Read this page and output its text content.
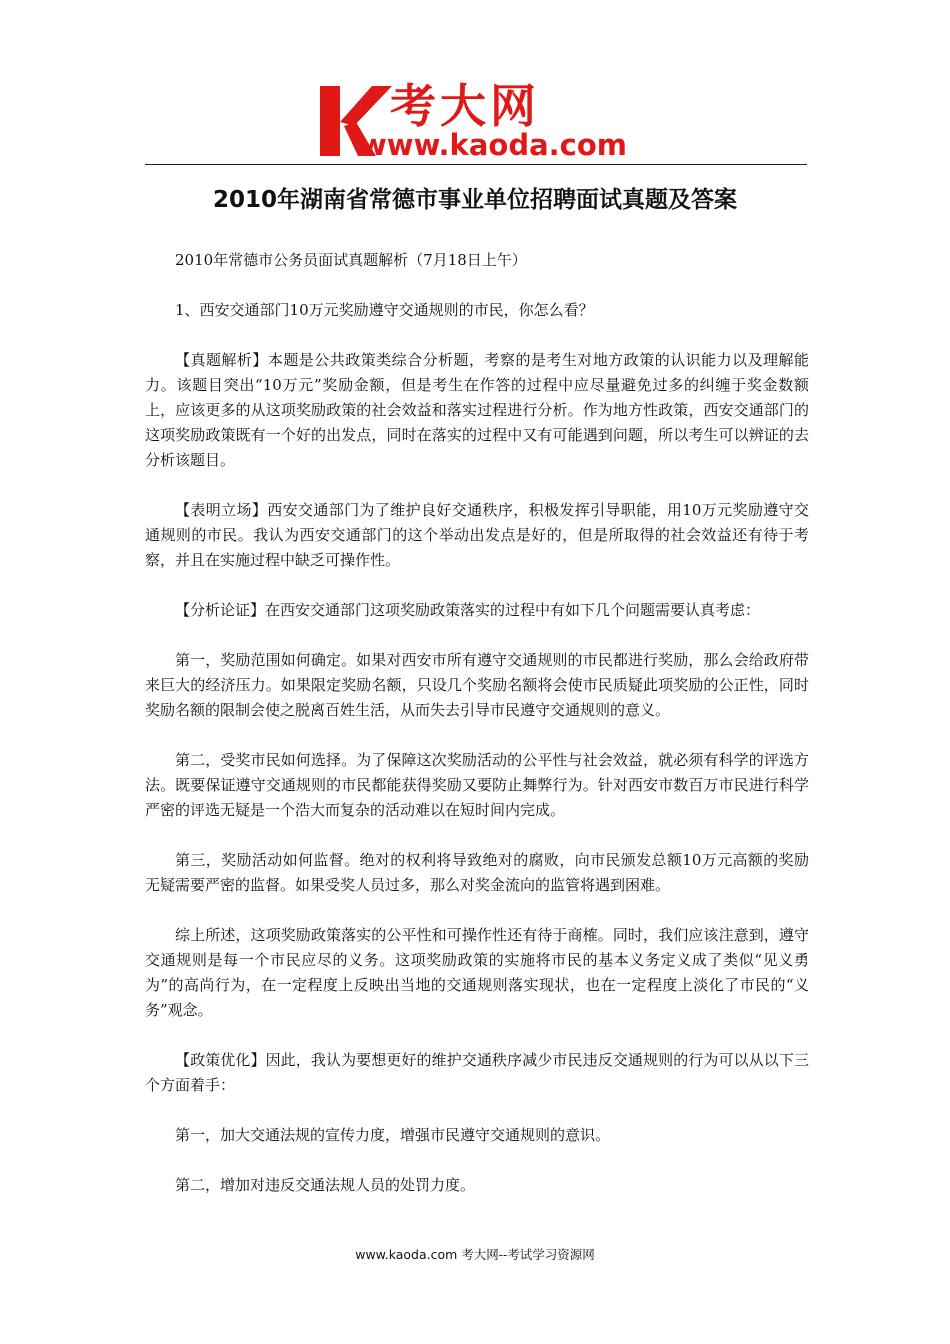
考大网
www.kaoda.com
2010年湖南省常德市事业单位招聘面试真题及答案

2010年常德市公务员面试真题解析（7月18日上午）

1、西安交通部门10万元奖励遵守交通规则的市民，你怎么看？

【真题解析】本题是公共政策类综合分析题，考察的是考生对地方政策的认识能力以及理解能力。该题目突出“10万元”奖励金额，但是考生在作答的过程中应尽量避免过多的纠缠于奖金数额上，应该更多的从这项奖励政策的社会效益和落实过程进行分析。作为地方性政策，西安交通部门的这项奖励政策既有一个好的出发点，同时在落实的过程中又有可能遇到问题，所以考生可以辨证的去分析该题目。

【表明立场】西安交通部门为了维护良好交通秩序，积极发挥引导职能，用10万元奖励遵守交通规则的市民。我认为西安交通部门的这个举动出发点是好的，但是所取得的社会效益还有待于考察，并且在实施过程中缺乏可操作性。

【分析论证】在西安交通部门这项奖励政策落实的过程中有如下几个问题需要认真考虑：

第一，奖励范围如何确定。如果对西安市所有遵守交通规则的市民都进行奖励，那么会给政府带来巨大的经济压力。如果限定奖励名额，只设几个奖励名额将会使市民质疑此项奖励的公正性，同时奖励名额的限制会使之脱离百姓生活，从而失去引导市民遵守交通规则的意义。

第二，受奖市民如何选择。为了保障这次奖励活动的公平性与社会效益，就必须有科学的评选方法。既要保证遵守交通规则的市民都能获得奖励又要防止舞弊行为。针对西安市数百万市民进行科学严密的评选无疑是一个浩大而复杂的活动难以在短时间内完成。

第三，奖励活动如何监督。绝对的权利将导致绝对的腐败，向市民颁发总额10万元高额的奖励无疑需要严密的监督。如果受奖人员过多，那么对奖金流向的监管将遇到困难。

综上所述，这项奖励政策落实的公平性和可操作性还有待于商榷。同时，我们应该注意到，遵守交通规则是每一个市民应尽的义务。这项奖励政策的实施将市民的基本义务定义成了类似“见义勇为”的高尚行为，在一定程度上反映出当地的交通规则落实现状，也在一定程度上淡化了市民的“义务”观念。

【政策优化】因此，我认为要想更好的维护交通秩序减少市民违反交通规则的行为可以从以下三个方面着手：

第一，加大交通法规的宣传力度，增强市民遵守交通规则的意识。

第二，增加对违反交通法规人员的处罚力度。

www.kaoda.com 考大网--考试学习资源网
